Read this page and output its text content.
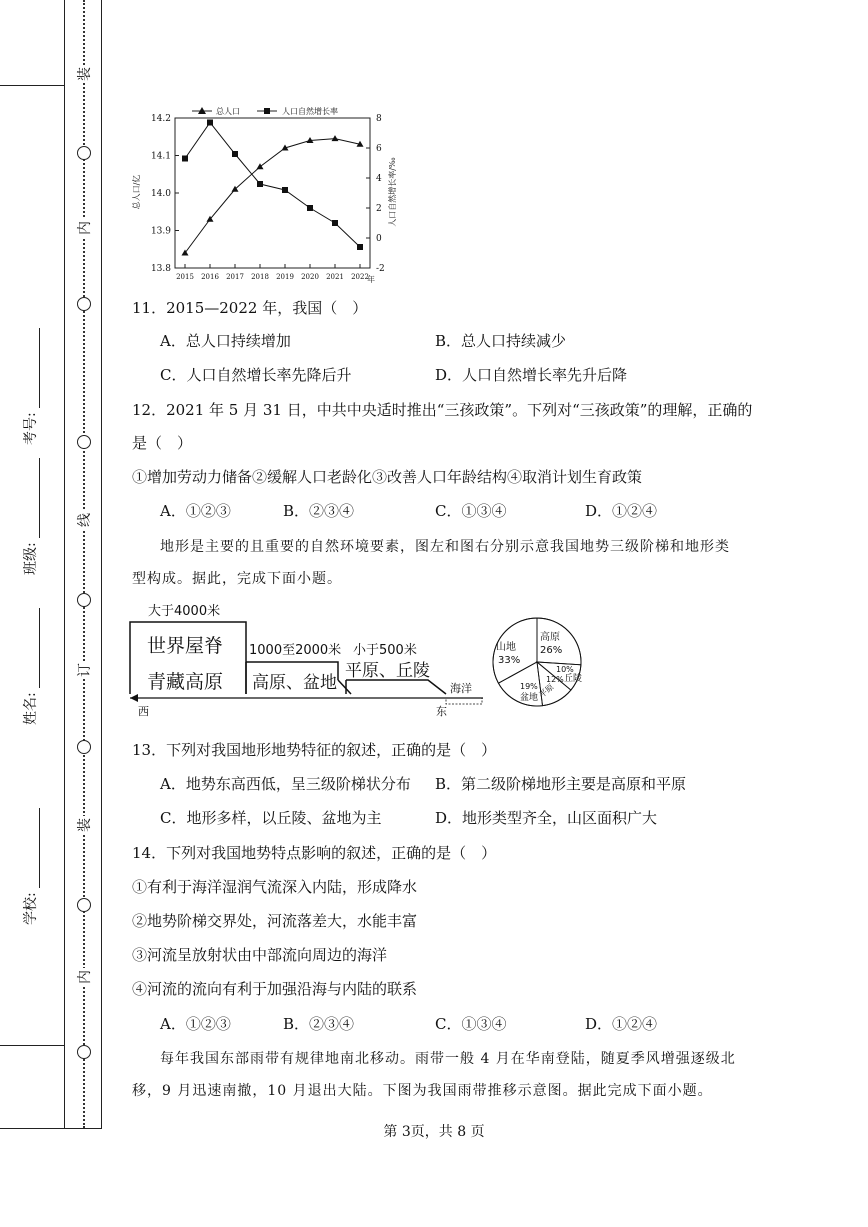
装
内
线
订
装
内
学校:
姓名:
班级:
考号:
13.8
13.9
14.0
14.1
14.2
-2
0
2
4
6
8
2015 2016 2017 2018 2019 2020 2021 2022
总人口	人口自然增长率
总人口/亿	人口自然增长率/‰
年
11．2015—2022 年，我国（　）
A．总人口持续增加	B．总人口持续减少
C．人口自然增长率先降后升	D．人口自然增长率先升后降
12．2021 年 5 月 31 日，中共中央适时推出“三孩政策”。下列对“三孩政策”的理解，正确的
是（　）
①增加劳动力储备②缓解人口老龄化③改善人口年龄结构④取消计划生育政策
A．①②③	B．②③④	C．①③④	D．①②④
地形是主要的且重要的自然环境要素，图左和图右分别示意我国地势三级阶梯和地形类
型构成。据此，完成下面小题。
大于4000米
世界屋脊
青藏高原
1000至2000米
高原、盆地
小于500米
平原、丘陵
海洋
西	东
山地
33%
高原
26%
10%
丘陵
12%
平原
19%
盆地
13．下列对我国地形地势特征的叙述，正确的是（　）
A．地势东高西低，呈三级阶梯状分布 B．第二级阶梯地形主要是高原和平原
C．地形多样，以丘陵、盆地为主	D．地形类型齐全，山区面积广大
14．下列对我国地势特点影响的叙述，正确的是（　）
①有利于海洋湿润气流深入内陆，形成降水
②地势阶梯交界处，河流落差大，水能丰富
③河流呈放射状由中部流向周边的海洋
④河流的流向有利于加强沿海与内陆的联系
A．①②③	B．②③④	C．①③④	D．①②④
每年我国东部雨带有规律地南北移动。雨带一般 4 月在华南登陆，随夏季风增强逐级北
移，9 月迅速南撤，10 月退出大陆。下图为我国雨带推移示意图。据此完成下面小题。
第 3页，共 8 页
